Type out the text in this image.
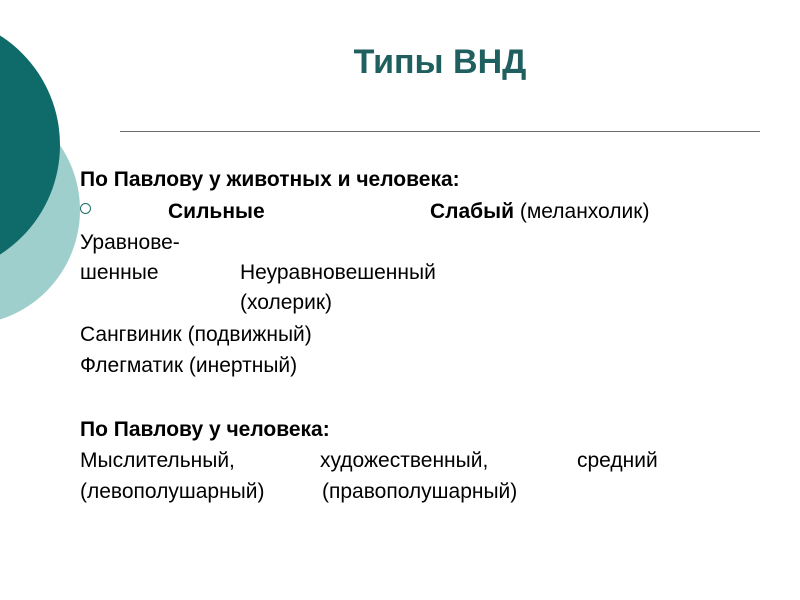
Типы ВНД
По Павлову у животных и человека:
Сильные	Слабый (меланхолик)
Уравнове-
шенные	Неуравновешенный
(холерик)
Сангвиник (подвижный)
Флегматик (инертный)
По Павлову у человека:
Мыслительный,	художественный,	средний
(левополушарный)	(правополушарный)
